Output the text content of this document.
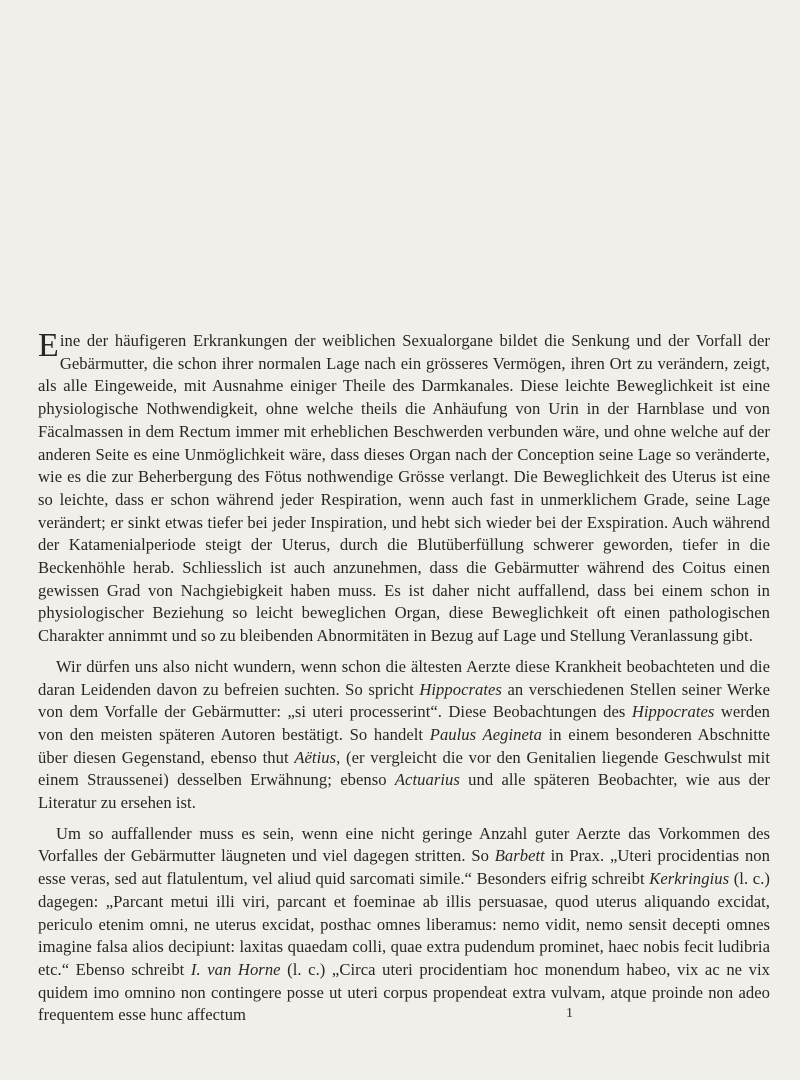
Eine der häufigeren Erkrankungen der weiblichen Sexualorgane bildet die Senkung und der Vorfall der Gebärmutter, die schon ihrer normalen Lage nach ein grösseres Vermögen, ihren Ort zu verändern, zeigt, als alle Eingeweide, mit Ausnahme einiger Theile des Darmkanales. Diese leichte Beweglichkeit ist eine physiologische Nothwendigkeit, ohne welche theils die Anhäufung von Urin in der Harnblase und von Fäcalmassen in dem Rectum immer mit erheblichen Beschwerden verbunden wäre, und ohne welche auf der anderen Seite es eine Unmöglichkeit wäre, dass dieses Organ nach der Conception seine Lage so veränderte, wie es die zur Beherbergung des Fötus nothwendige Grösse verlangt. Die Beweglichkeit des Uterus ist eine so leichte, dass er schon während jeder Respiration, wenn auch fast in unmerklichem Grade, seine Lage verändert; er sinkt etwas tiefer bei jeder Inspiration, und hebt sich wieder bei der Exspiration. Auch während der Katamenialperiode steigt der Uterus, durch die Blutüberfüllung schwerer geworden, tiefer in die Beckenhöhle herab. Schliesslich ist auch anzunehmen, dass die Gebärmutter während des Coitus einen gewissen Grad von Nachgiebigkeit haben muss. Es ist daher nicht auffallend, dass bei einem schon in physiologischer Beziehung so leicht beweglichen Organ, diese Beweglichkeit oft einen pathologischen Charakter annimmt und so zu bleibenden Abnormitäten in Bezug auf Lage und Stellung Veranlassung gibt.

Wir dürfen uns also nicht wundern, wenn schon die ältesten Aerzte diese Krankheit beobachteten und die daran Leidenden davon zu befreien suchten. So spricht Hippocrates an verschiedenen Stellen seiner Werke von dem Vorfalle der Gebärmutter: „si uteri processerint“. Diese Beobachtungen des Hippocrates werden von den meisten späteren Autoren bestätigt. So handelt Paulus Aegineta in einem besonderen Abschnitte über diesen Gegenstand, ebenso thut Aëtius, (er vergleicht die vor den Genitalien liegende Geschwulst mit einem Straussenei) desselben Erwähnung; ebenso Actuarius und alle späteren Beobachter, wie aus der Literatur zu ersehen ist.

Um so auffallender muss es sein, wenn eine nicht geringe Anzahl guter Aerzte das Vorkommen des Vorfalles der Gebärmutter läugneten und viel dagegen stritten. So Barbett in Prax. „Uteri procidentias non esse veras, sed aut flatulentum, vel aliud quid sarcomati simile.“ Besonders eifrig schreibt Kerkringius (l. c.) dagegen: „Parcant metui illi viri, parcant et foeminae ab illis persuasae, quod uterus aliquando excidat, periculo etenim omni, ne uterus excidat, posthac omnes liberamus: nemo vidit, nemo sensit decepti omnes imagine falsa alios decipiunt: laxitas quaedam colli, quae extra pudendum prominet, haec nobis fecit ludibria etc.“ Ebenso schreibt I. van Horne (l. c.) „Circa uteri procidentiam hoc monendum habeo, vix ac ne vix quidem imo omnino non contingere posse ut uteri corpus propendeat extra vulvam, atque proinde non adeo frequentem esse hunc affectum	1
